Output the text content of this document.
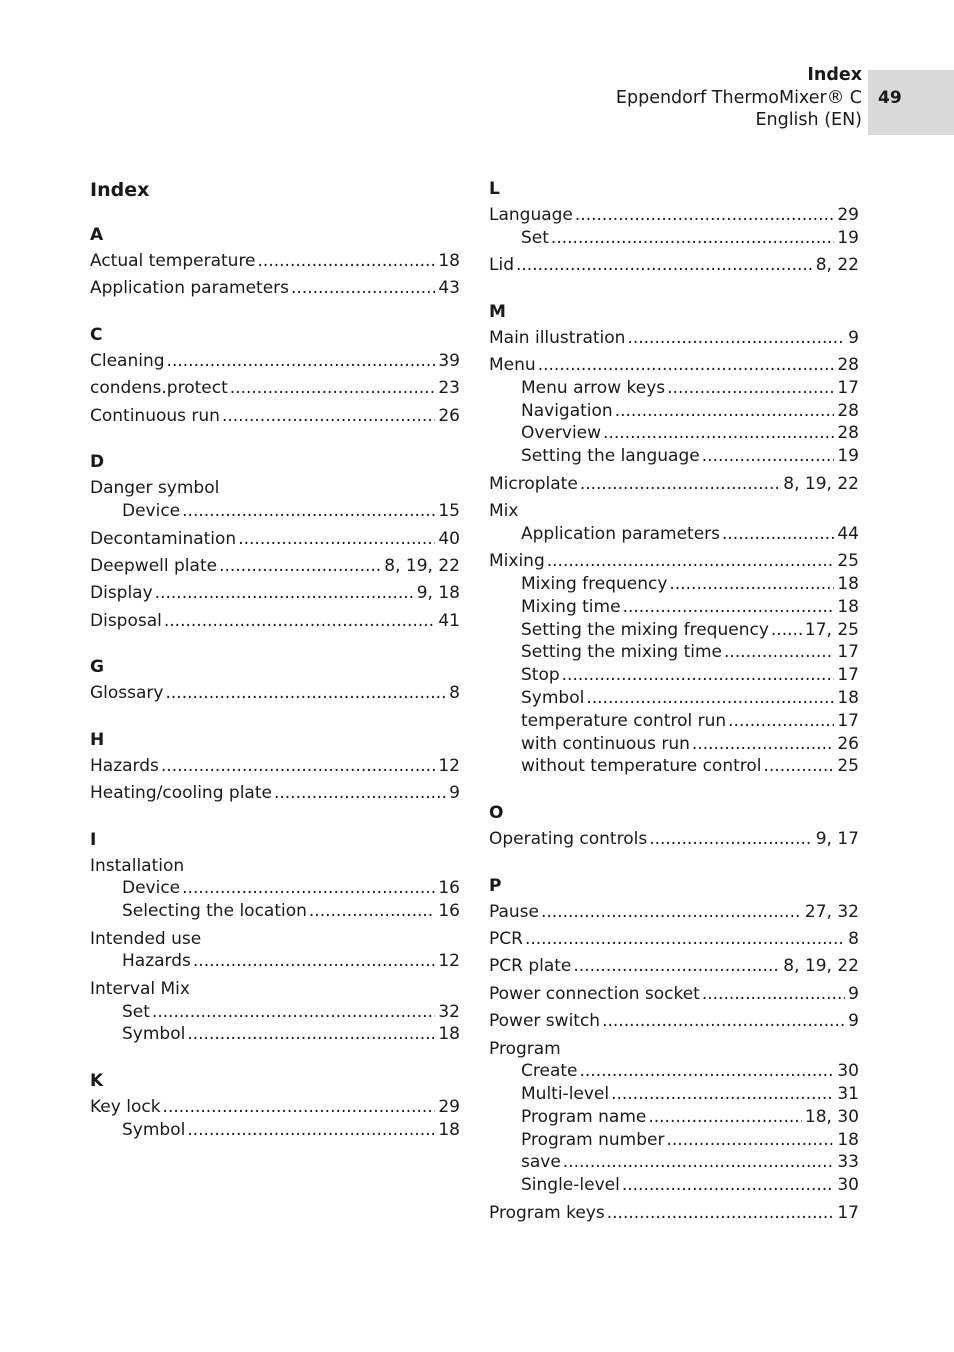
Index
Eppendorf ThermoMixer® C
English (EN)
49
Index
A
Actual temperature .....	18
Application parameters .....	43
C
Cleaning .....	39
condens.protect .....	23
Continuous run .....	26
D
Danger symbol
Device .....	15
Decontamination .....	40
Deepwell plate .....	8, 19, 22
Display .....	9, 18
Disposal .....	41
G
Glossary .....	8
H
Hazards .....	12
Heating/cooling plate .....	9
I
Installation
Device .....	16
Selecting the location .....	16
Intended use
Hazards .....	12
Interval Mix
Set .....	32
Symbol .....	18
K
Key lock .....	29
Symbol .....	18
L
Language .....	29
Set .....	19
Lid .....	8, 22
M
Main illustration .....	9
Menu .....	28
Menu arrow keys .....	17
Navigation .....	28
Overview .....	28
Setting the language .....	19
Microplate .....	8, 19, 22
Mix
Application parameters .....	44
Mixing .....	25
Mixing frequency .....	18
Mixing time .....	18
Setting the mixing frequency ..... 17, 25
Setting the mixing time .....	17
Stop .....	17
Symbol .....	18
temperature control run .....	17
with continuous run .....	26
without temperature control .....	25
O
Operating controls .....	9, 17
P
Pause .....	27, 32
PCR .....	8
PCR plate .....	8, 19, 22
Power connection socket .....	9
Power switch .....	9
Program
Create .....	30
Multi-level .....	31
Program name .....	18, 30
Program number .....	18
save .....	33
Single-level .....	30
Program keys .....	17
